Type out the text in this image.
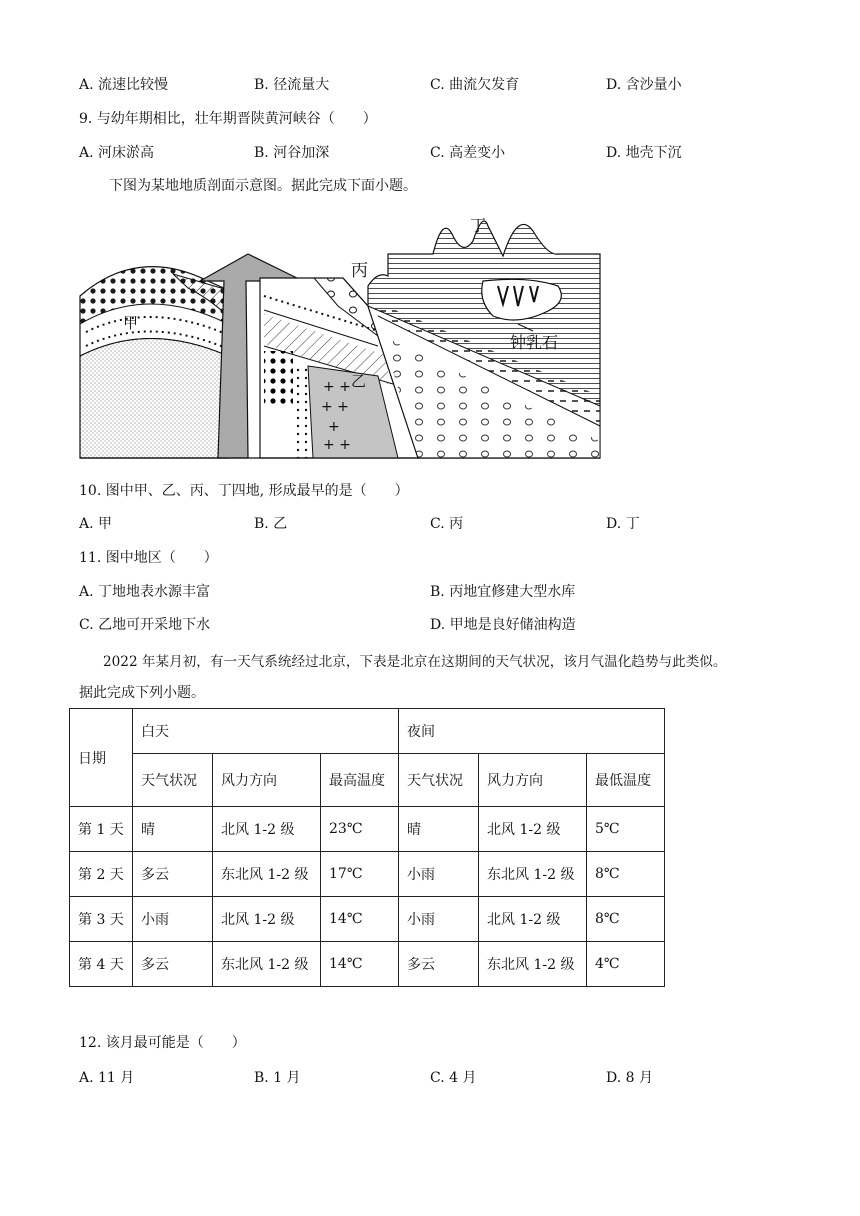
A. 流速比较慢	B. 径流量大	C. 曲流欠发育	D. 含沙量小
9. 与幼年期相比，壮年期晋陕黄河峡谷（　　）
A. 河床淤高	B. 河谷加深	C. 高差变小	D. 地壳下沉
下图为某地地质剖面示意图。据此完成下面小题。
+ +
+ +
+
+ +
甲
乙
丙
丁
钟乳石
10. 图中甲、乙、丙、丁四地, 形成最早的是（　　）
A. 甲	B. 乙	C. 丙	D. 丁
11. 图中地区（　　）
A. 丁地地表水源丰富	B. 丙地宜修建大型水库
C. 乙地可开采地下水	D. 甲地是良好储油构造
2022 年某月初，有一天气系统经过北京，下表是北京在这期间的天气状况，该月气温化趋势与此类似。
据此完成下列小题。
日期	白天			夜间		
	天气状况	风力方向	最高温度	天气状况	风力方向	最低温度
第 1 天	晴	北风 1-2 级	23℃	晴	北风 1-2 级	5℃
第 2 天	多云	东北风 1-2 级	17℃	小雨	东北风 1-2 级	8℃
第 3 天	小雨	北风 1-2 级	14℃	小雨	北风 1-2 级	8℃
第 4 天	多云	东北风 1-2 级	14℃	多云	东北风 1-2 级	4℃
12. 该月最可能是（　　）
A. 11 月	B. 1 月	C. 4 月	D. 8 月
